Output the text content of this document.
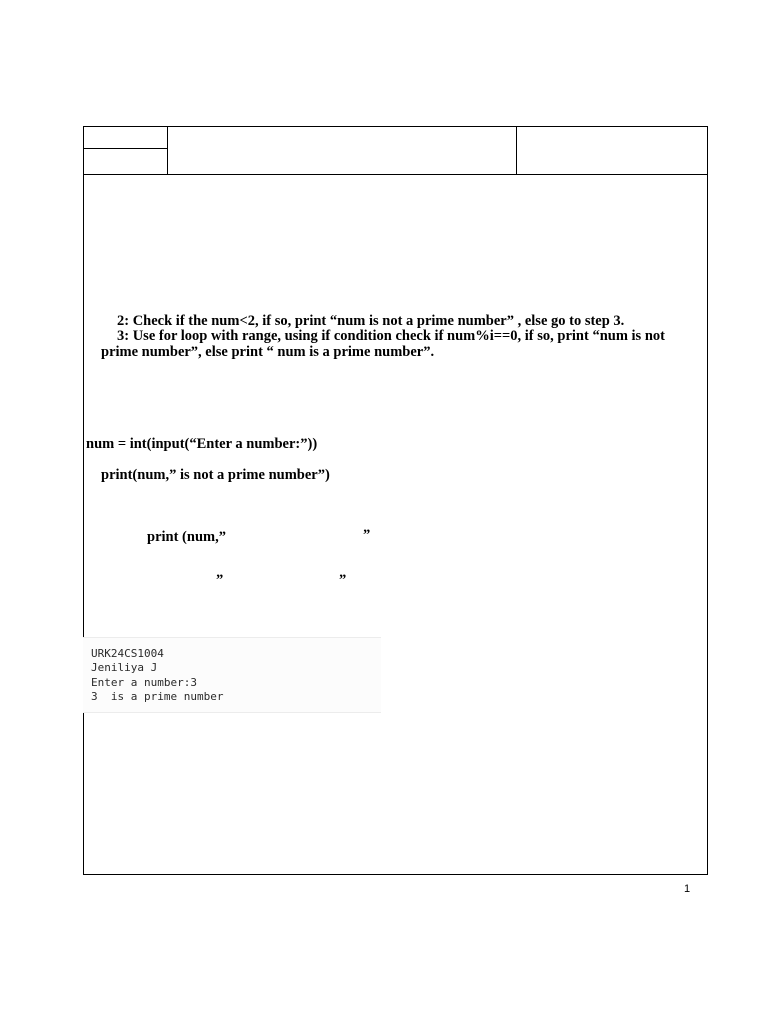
2: Check if the num<2, if so, print “num is not a prime number” , else go to step 3.
3: Use for loop with range, using if condition check if num%i==0, if so, print “num is not
prime number”, else print “ num is a prime number”.
num = int(input(“Enter a number:”))
print(num,” is not a prime number”)
print (num,”	”
”	”
URK24CS1004
Jeniliya J
Enter a number:3
3  is a prime number
1
